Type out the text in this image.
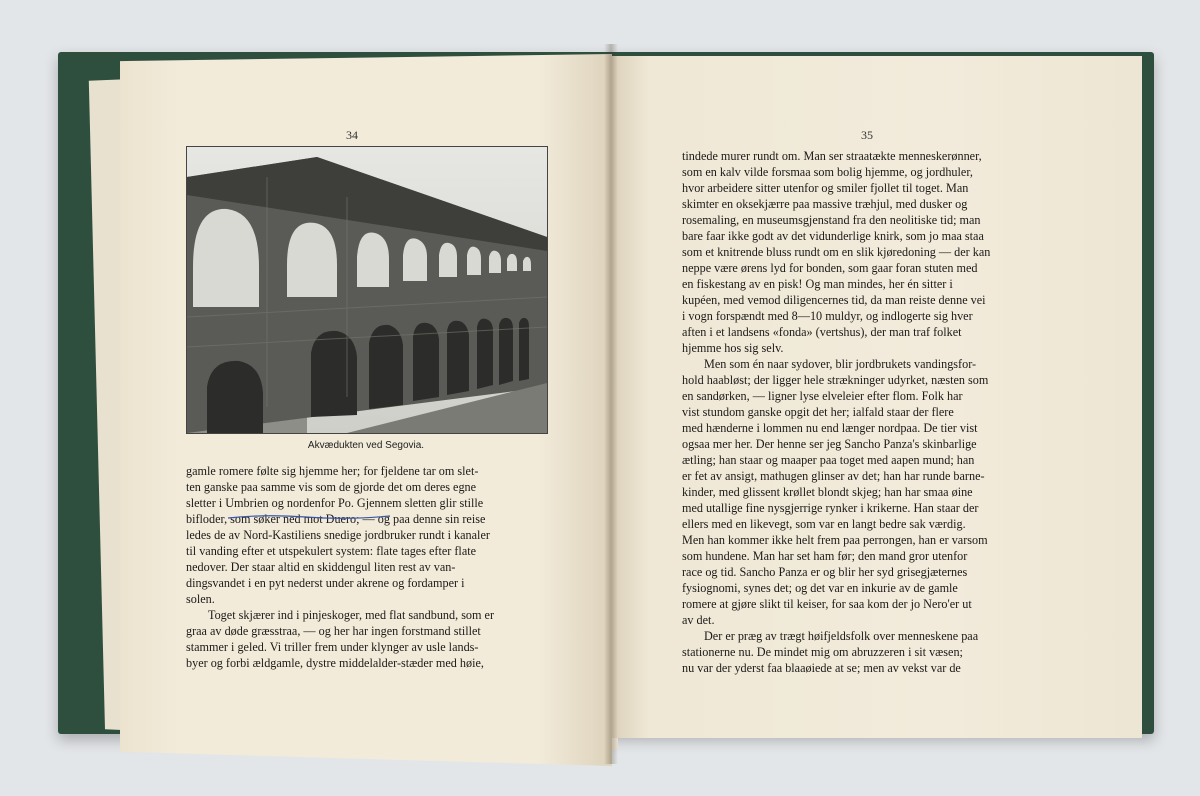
34
Akvædukten ved Segovia.
gamle romere følte sig hjemme her; for fjeldene tar om slet-
ten ganske paa samme vis som de gjorde det om deres egne
sletter i Umbrien og nordenfor Po. Gjennem sletten glir stille
bifloder, som søker ned mot Duero; — og paa denne sin reise
ledes de av Nord-Kastiliens snedige jordbruker rundt i kanaler
til vanding efter et utspekulert system: flate tages efter flate
nedover. Der staar altid en skiddengul liten rest av van-
dingsvandet i en pyt nederst under akrene og fordamper i
solen.
Toget skjærer ind i pinjeskoger, med flat sandbund, som er
graa av døde græsstraa, — og her har ingen forstmand stillet
stammer i geled. Vi triller frem under klynger av usle lands-
byer og forbi ældgamle, dystre middelalder-stæder med høie,
35
tindede murer rundt om. Man ser straatækte menneskerønner,
som en kalv vilde forsmaa som bolig hjemme, og jordhuler,
hvor arbeidere sitter utenfor og smiler fjollet til toget. Man
skimter en oksekjærre paa massive træhjul, med dusker og
rosemaling, en museumsgjenstand fra den neolitiske tid; man
bare faar ikke godt av det vidunderlige knirk, som jo maa staa
som et knitrende bluss rundt om en slik kjøredoning — der kan
neppe være ørens lyd for bonden, som gaar foran stuten med
en fiskestang av en pisk! Og man mindes, her én sitter i
kupéen, med vemod diligencernes tid, da man reiste denne vei
i vogn forspændt med 8—10 muldyr, og indlogerte sig hver
aften i et landsens «fonda» (vertshus), der man traf folket
hjemme hos sig selv.
Men som én naar sydover, blir jordbrukets vandingsfor-
hold haabløst; der ligger hele strækninger udyrket, næsten som
en sandørken, — ligner lyse elveleier efter flom. Folk har
vist stundom ganske opgit det her; ialfald staar der flere
med hænderne i lommen nu end længer nordpaa. De tier vist
ogsaa mer her. Der henne ser jeg Sancho Panza's skinbarlige
ætling; han staar og maaper paa toget med aapen mund; han
er fet av ansigt, mathugen glinser av det; han har runde barne-
kinder, med glissent krøllet blondt skjeg; han har smaa øine
med utallige fine nysgjerrige rynker i krikerne. Han staar der
ellers med en likevegt, som var en langt bedre sak værdig.
Men han kommer ikke helt frem paa perrongen, han er varsom
som hundene. Man har set ham før; den mand gror utenfor
race og tid. Sancho Panza er og blir her syd grisegjæternes
fysiognomi, synes det; og det var en inkurie av de gamle
romere at gjøre slikt til keiser, for saa kom der jo Nero'er ut
av det.
Der er præg av trægt høifjeldsfolk over menneskene paa
stationerne nu. De mindet mig om abruzzeren i sit væsen;
nu var der yderst faa blaaøiede at se; men av vekst var de
